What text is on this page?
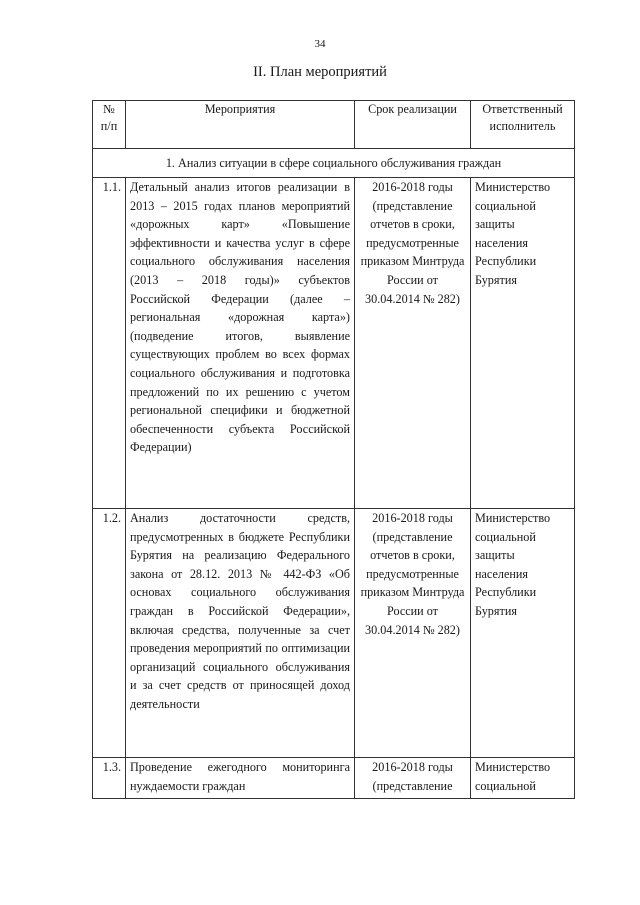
34
II. План мероприятий
№ п/п	Мероприятия	Срок реализации	Ответственный исполнитель
1. Анализ ситуации в сфере социального обслуживания граждан			
1.1.	Детальный анализ итогов реализации в 2013 – 2015 годах планов мероприятий «дорожных карт» «Повышение эффективности и качества услуг в сфере социального обслуживания населения (2013 – 2018 годы)» субъектов Российской Федерации (далее – региональная «дорожная карта») (подведение итогов, выявление существующих проблем во всех формах социального обслуживания и подготовка предложений по их решению с учетом региональной специфики и бюджетной обеспеченности субъекта Российской Федерации)	2016-2018 годы (представление отчетов в сроки, предусмотренные приказом Минтруда России от 30.04.2014 № 282)	Министерство социальной защиты населения Республики Бурятия
1.2.	Анализ достаточности средств, предусмотренных в бюджете Республики Бурятия на реализацию Федерального закона от 28.12. 2013 № 442-ФЗ «Об основах социального обслуживания граждан в Российской Федерации», включая средства, полученные за счет проведения мероприятий по оптимизации организаций социального обслуживания и за счет средств от приносящей доход деятельности	2016-2018 годы (представление отчетов в сроки, предусмотренные приказом Минтруда России от 30.04.2014 № 282)	Министерство социальной защиты населения Республики Бурятия
1.3.	Проведение ежегодного мониторинга нуждаемости граждан	2016-2018 годы (представление	Министерство социальной
